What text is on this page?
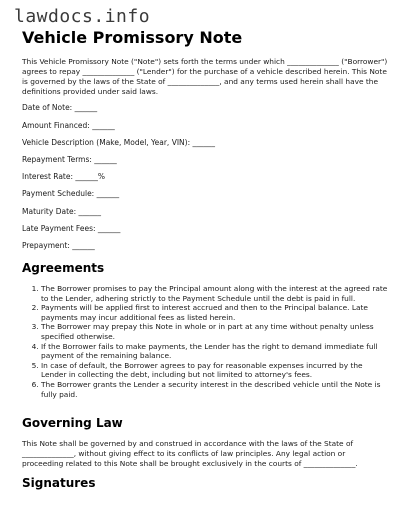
lawdocs.info
Vehicle Promissory Note

This Vehicle Promissory Note ("Note") sets forth the terms under which ______________ ("Borrower") agrees to repay ______________ ("Lender") for the purchase of a vehicle described herein. This Note is governed by the laws of the State of ______________, and any terms used herein shall have the definitions provided under said laws.

Date of Note: ______

Amount Financed: ______

Vehicle Description (Make, Model, Year, VIN): ______

Repayment Terms: ______

Interest Rate: ______%

Payment Schedule: ______

Maturity Date: ______

Late Payment Fees: ______

Prepayment: ______

Agreements
1. The Borrower promises to pay the Principal amount along with the interest at the agreed rate to the Lender, adhering strictly to the Payment Schedule until the debt is paid in full.
2. Payments will be applied first to interest accrued and then to the Principal balance. Late payments may incur additional fees as listed herein.
3. The Borrower may prepay this Note in whole or in part at any time without penalty unless specified otherwise.
4. If the Borrower fails to make payments, the Lender has the right to demand immediate full payment of the remaining balance.
5. In case of default, the Borrower agrees to pay for reasonable expenses incurred by the Lender in collecting the debt, including but not limited to attorney's fees.
6. The Borrower grants the Lender a security interest in the described vehicle until the Note is fully paid.
Governing Law

This Note shall be governed by and construed in accordance with the laws of the State of ______________, without giving effect to its conflicts of law principles. Any legal action or proceeding related to this Note shall be brought exclusively in the courts of ______________.

Signatures
